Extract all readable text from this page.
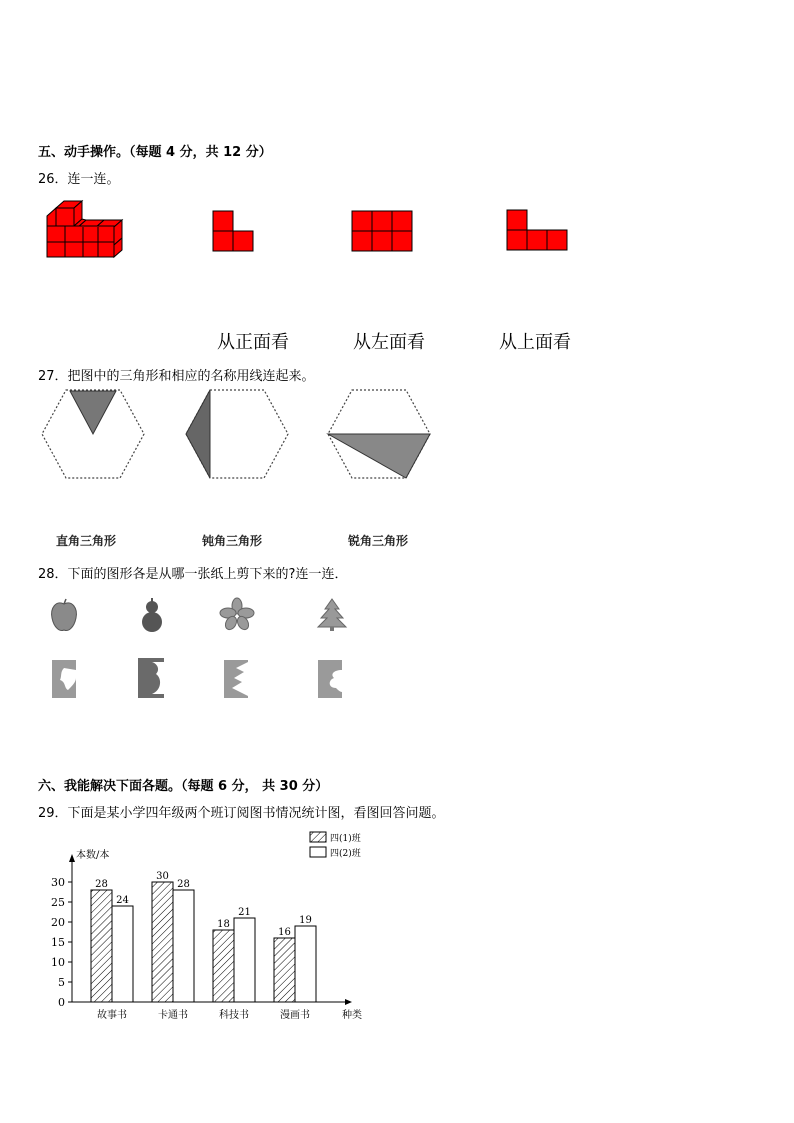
五、动手操作。（每题 4 分，共 12 分）
26．连一连。
从正面看	从左面看	从上面看
27．把图中的三角形和相应的名称用线连起来。
直角三角形	钝角三角形	锐角三角形
28．下面的图形各是从哪一张纸上剪下来的?连一连．
六、我能解决下面各题。（每题 6 分， 共 30 分）
29．下面是某小学四年级两个班订阅图书情况统计图，看图回答问题。
0
5
10
15
20
25
30
本数/本
种类
28
24
故事书
30
28
卡通书
18
21
科技书
16
19
漫画书
四(1)班
四(2)班
